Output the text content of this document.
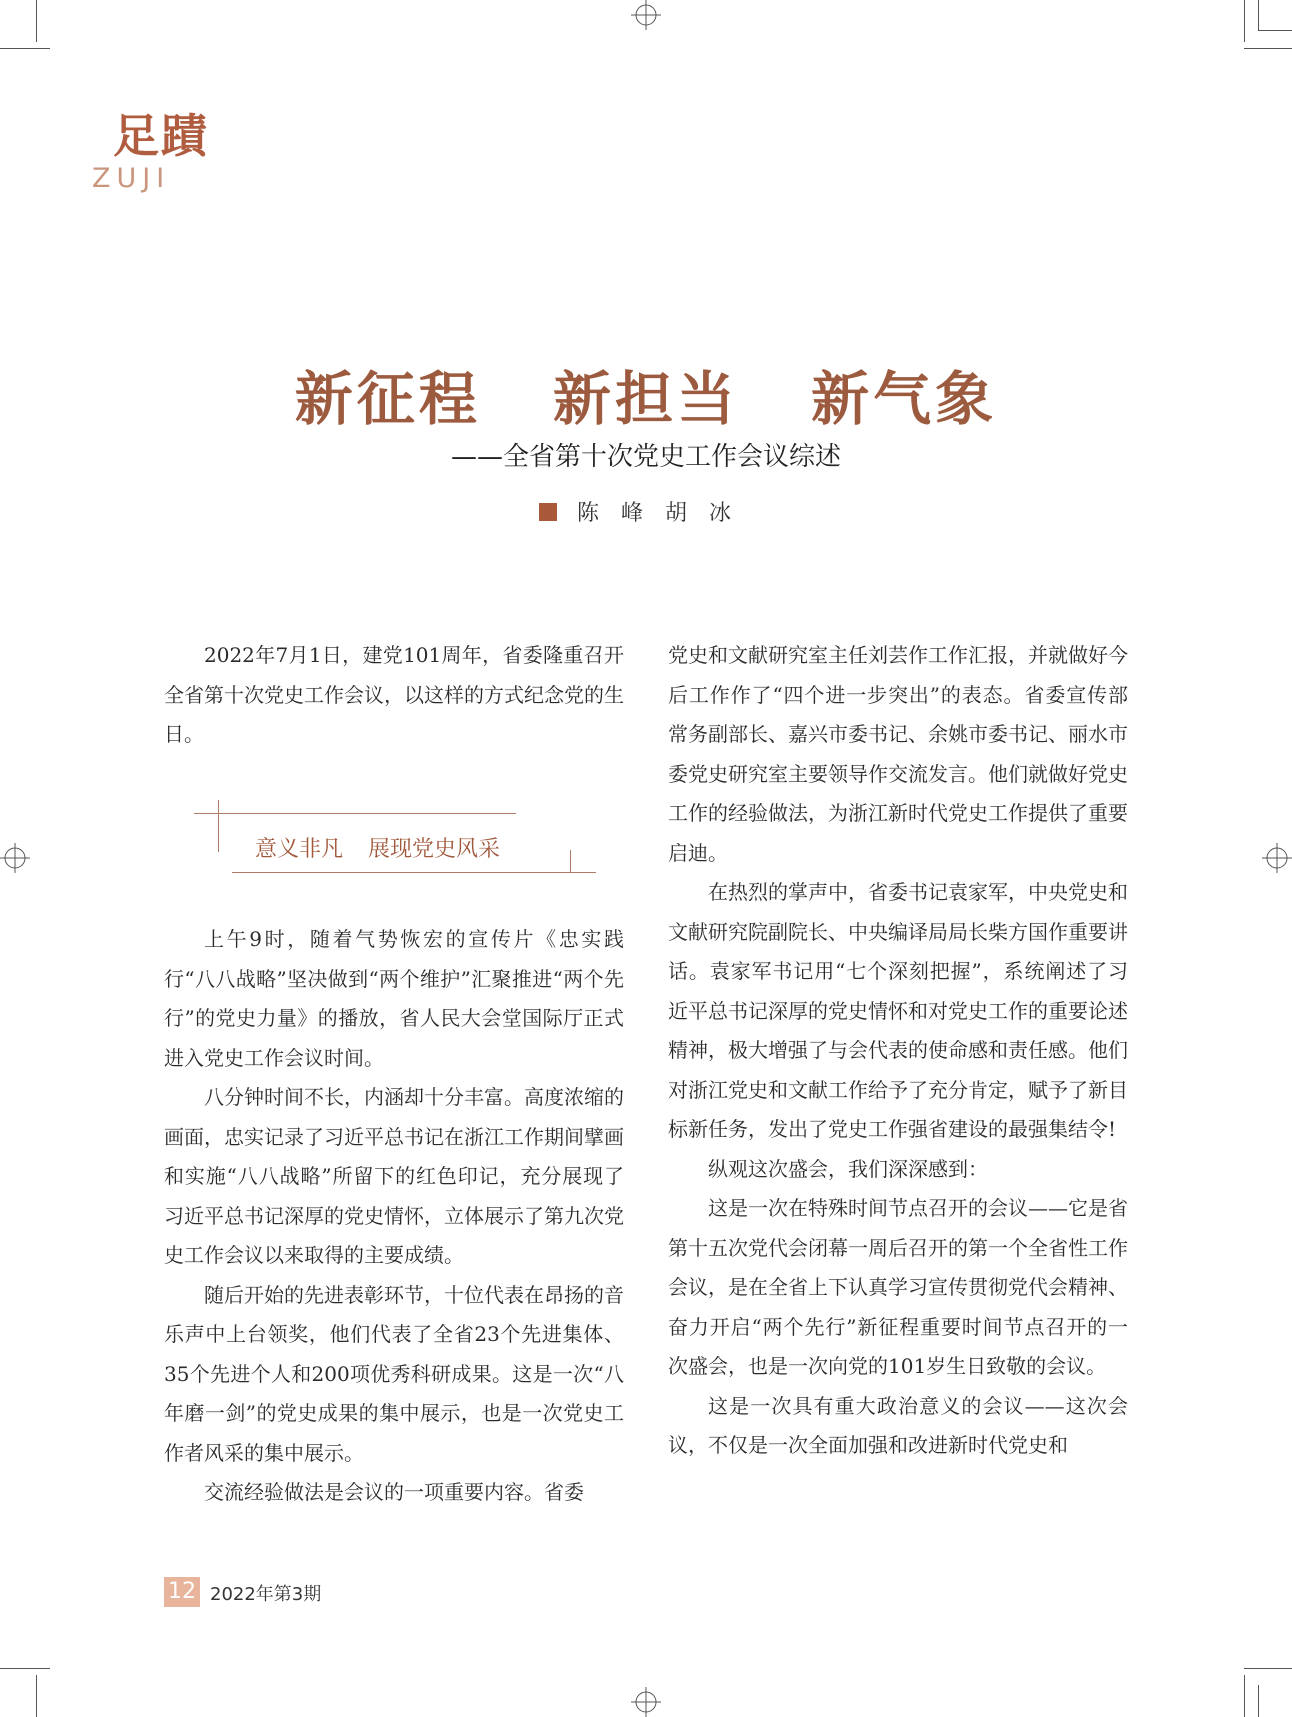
足蹟
ZUJI
新征程 新担当 新气象
——全省第十次党史工作会议综述
陈峰胡冰

2022年7月1日，建党101周年，省委隆重召开全省第十次党史工作会议，以这样的方式纪念党的生日。

意义非凡 展现党史风采

上午9时，随着气势恢宏的宣传片《忠实践行“八八战略”坚决做到“两个维护”汇聚推进“两个先行”的党史力量》的播放，省人民大会堂国际厅正式进入党史工作会议时间。

八分钟时间不长，内涵却十分丰富。高度浓缩的画面，忠实记录了习近平总书记在浙江工作期间擘画和实施“八八战略”所留下的红色印记，充分展现了习近平总书记深厚的党史情怀，立体展示了第九次党史工作会议以来取得的主要成绩。

随后开始的先进表彰环节，十位代表在昂扬的音乐声中上台领奖，他们代表了全省23个先进集体、35个先进个人和200项优秀科研成果。这是一次“八年磨一剑”的党史成果的集中展示，也是一次党史工作者风采的集中展示。

交流经验做法是会议的一项重要内容。省委

党史和文献研究室主任刘芸作工作汇报，并就做好今后工作作了“四个进一步突出”的表态。省委宣传部常务副部长、嘉兴市委书记、余姚市委书记、丽水市委党史研究室主要领导作交流发言。他们就做好党史工作的经验做法，为浙江新时代党史工作提供了重要启迪。

在热烈的掌声中，省委书记袁家军，中央党史和文献研究院副院长、中央编译局局长柴方国作重要讲话。袁家军书记用“七个深刻把握”，系统阐述了习近平总书记深厚的党史情怀和对党史工作的重要论述精神，极大增强了与会代表的使命感和责任感。他们对浙江党史和文献工作给予了充分肯定，赋予了新目标新任务，发出了党史工作强省建设的最强集结令!

纵观这次盛会，我们深深感到：

这是一次在特殊时间节点召开的会议——它是省第十五次党代会闭幕一周后召开的第一个全省性工作会议，是在全省上下认真学习宣传贯彻党代会精神、奋力开启“两个先行”新征程重要时间节点召开的一次盛会，也是一次向党的101岁生日致敬的会议。

这是一次具有重大政治意义的会议——这次会议，不仅是一次全面加强和改进新时代党史和

12 2022年第3期
